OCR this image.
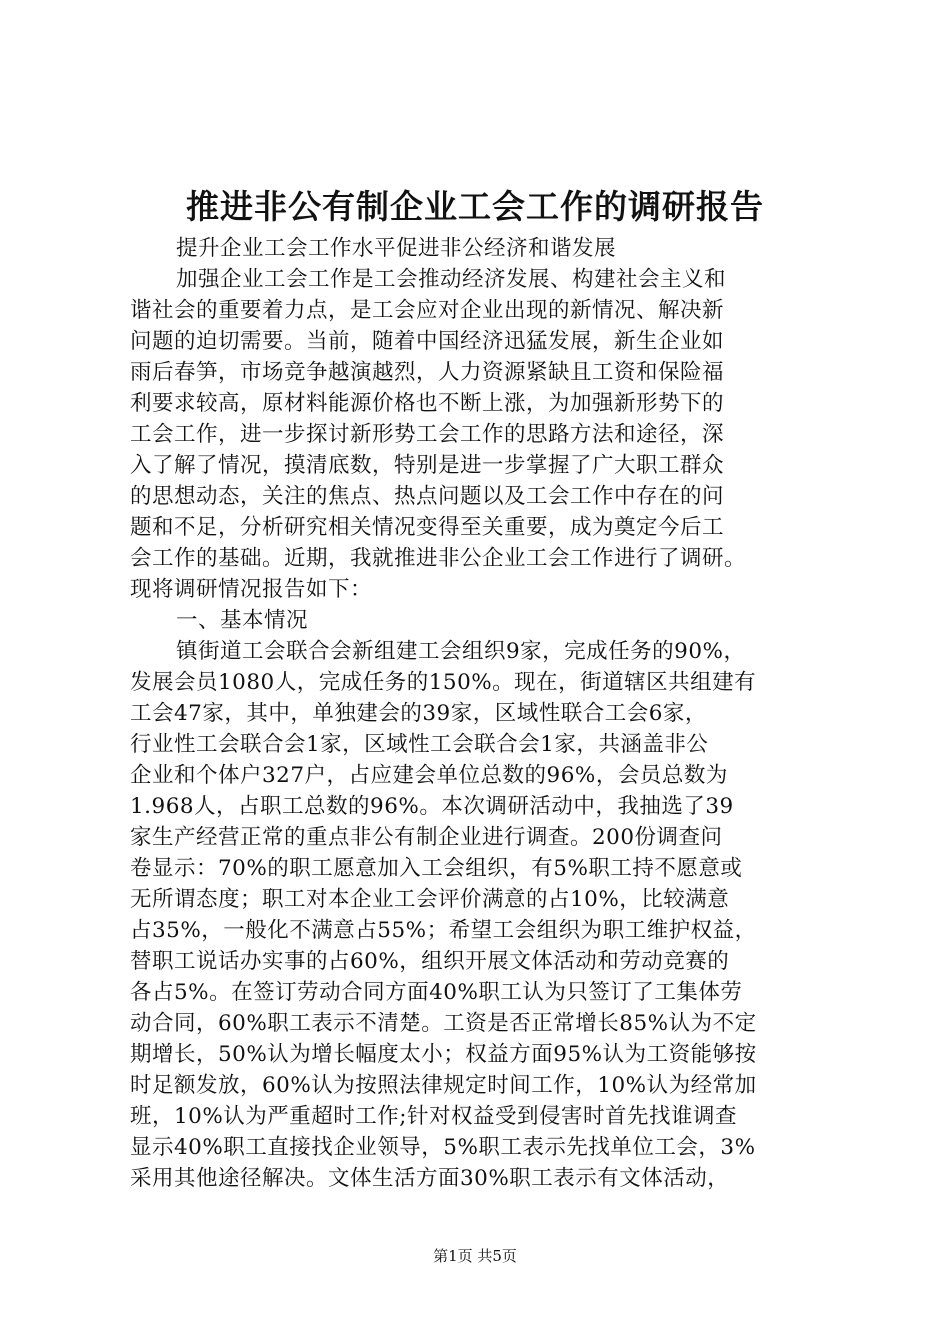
推进非公有制企业工会工作的调研报告
提升企业工会工作水平促进非公经济和谐发展
加强企业工会工作是工会推动经济发展、构建社会主义和
谐社会的重要着力点，是工会应对企业出现的新情况、解决新
问题的迫切需要。当前，随着中国经济迅猛发展，新生企业如
雨后春笋，市场竞争越演越烈，人力资源紧缺且工资和保险福
利要求较高，原材料能源价格也不断上涨，为加强新形势下的
工会工作，进一步探讨新形势工会工作的思路方法和途径，深
入了解了情况，摸清底数，特别是进一步掌握了广大职工群众
的思想动态，关注的焦点、热点问题以及工会工作中存在的问
题和不足，分析研究相关情况变得至关重要，成为奠定今后工
会工作的基础。近期，我就推进非公企业工会工作进行了调研。
现将调研情况报告如下：
一、基本情况
镇街道工会联合会新组建工会组织9家，完成任务的90%，
发展会员1080人，完成任务的150%。现在，街道辖区共组建有
工会47家，其中，单独建会的39家，区域性联合工会6家，
行业性工会联合会1家，区域性工会联合会1家，共涵盖非公
企业和个体户327户，占应建会单位总数的96%，会员总数为
1.968人，占职工总数的96%。本次调研活动中，我抽选了39
家生产经营正常的重点非公有制企业进行调查。200份调查问
卷显示：70%的职工愿意加入工会组织，有5%职工持不愿意或
无所谓态度；职工对本企业工会评价满意的占10%，比较满意
占35%，一般化不满意占55%；希望工会组织为职工维护权益，
替职工说话办实事的占60%，组织开展文体活动和劳动竞赛的
各占5%。在签订劳动合同方面40%职工认为只签订了工集体劳
动合同，60%职工表示不清楚。工资是否正常增长85%认为不定
期增长，50%认为增长幅度太小；权益方面95%认为工资能够按
时足额发放，60%认为按照法律规定时间工作，10%认为经常加
班，10%认为严重超时工作;针对权益受到侵害时首先找谁调查
显示40%职工直接找企业领导，5%职工表示先找单位工会，3%
采用其他途径解决。文体生活方面30%职工表示有文体活动，
第1页 共5页
